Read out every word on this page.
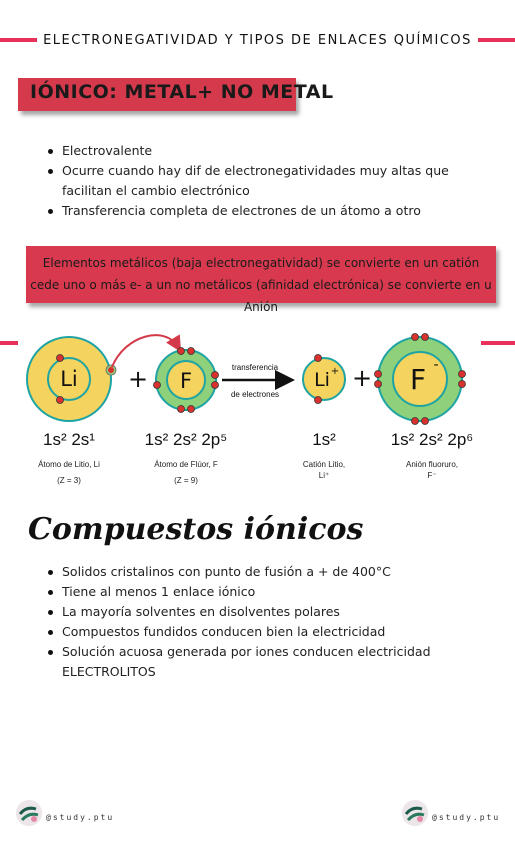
ELECTRONEGATIVIDAD Y TIPOS DE ENLACES QUÍMICOS
IÓNICO: METAL+ NO METAL
Electrovalente
Ocurre cuando hay dif de electronegatividades muy altas que facilitan el cambio electrónico
Transferencia completa de electrones de un átomo a otro
Elementos metálicos (baja electronegatividad) se convierte en un catión cede uno o más e- a un no metálicos (afinidad electrónica) se convierte en u Anión
Li + F
transferencia
de electrones
Li + + F -
1s² 2s¹	1s² 2s² 2p⁵	1s²	1s² 2s² 2p⁶
Átomo de Litio, Li
(Z = 3)
Átomo de Flúor, F
(Z = 9)
Catión Litio,
Li⁺
Anión fluoruro,
F⁻
Compuestos iónicos
Solidos cristalinos con punto de fusión a + de 400°C
Tiene al menos 1 enlace iónico
La mayoría solventes en disolventes polares
Compuestos fundidos conducen bien la electricidad
Solución acuosa generada por iones conducen electricidad ELECTROLITOS
@study.ptu	@study.ptu
